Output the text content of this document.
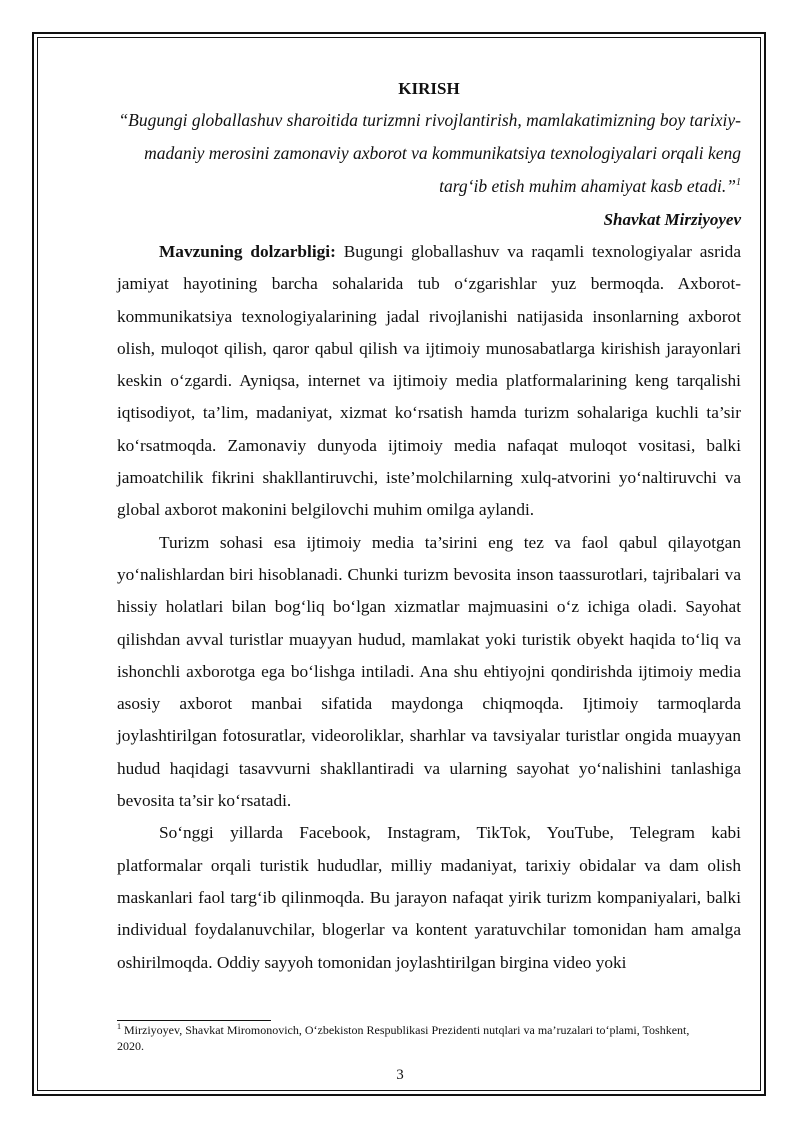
KIRISH

“Bugungi globallashuv sharoitida turizmni rivojlantirish, mamlakatimizning boy tarixiy-madaniy merosini zamonaviy axborot va kommunikatsiya texnologiyalari orqali keng targ‘ib etish muhim ahamiyat kasb etadi.”$^1$

Shavkat Mirziyoyev

Mavzuning dolzarbligi: Bugungi globallashuv va raqamli texnologiyalar asrida jamiyat hayotining barcha sohalarida tub o‘zgarishlar yuz bermoqda. Axborot-kommunikatsiya texnologiyalarining jadal rivojlanishi natijasida insonlarning axborot olish, muloqot qilish, qaror qabul qilish va ijtimoiy munosabatlarga kirishish jarayonlari keskin o‘zgardi. Ayniqsa, internet va ijtimoiy media platformalarining keng tarqalishi iqtisodiyot, ta’lim, madaniyat, xizmat ko‘rsatish hamda turizm sohalariga kuchli ta’sir ko‘rsatmoqda. Zamonaviy dunyoda ijtimoiy media nafaqat muloqot vositasi, balki jamoatchilik fikrini shakllantiruvchi, iste’molchilarning xulq-atvorini yo‘naltiruvchi va global axborot makonini belgilovchi muhim omilga aylandi.

Turizm sohasi esa ijtimoiy media ta’sirini eng tez va faol qabul qilayotgan yo‘nalishlardan biri hisoblanadi. Chunki turizm bevosita inson taassurotlari, tajribalari va hissiy holatlari bilan bog‘liq bo‘lgan xizmatlar majmuasini o‘z ichiga oladi. Sayohat qilishdan avval turistlar muayyan hudud, mamlakat yoki turistik obyekt haqida to‘liq va ishonchli axborotga ega bo‘lishga intiladi. Ana shu ehtiyojni qondirishda ijtimoiy media asosiy axborot manbai sifatida maydonga chiqmoqda. Ijtimoiy tarmoqlarda joylashtirilgan fotosuratlar, videoroliklar, sharhlar va tavsiyalar turistlar ongida muayyan hudud haqidagi tasavvurni shakllantiradi va ularning sayohat yo‘nalishini tanlashiga bevosita ta’sir ko‘rsatadi.

So‘nggi yillarda Facebook, Instagram, TikTok, YouTube, Telegram kabi platformalar orqali turistik hududlar, milliy madaniyat, tarixiy obidalar va dam olish maskanlari faol targ‘ib qilinmoqda. Bu jarayon nafaqat yirik turizm kompaniyalari, balki individual foydalanuvchilar, blogerlar va kontent yaratuvchilar tomonidan ham amalga oshirilmoqda. Oddiy sayyoh tomonidan joylashtirilgan birgina video yoki

$^1$ Mirziyoyev, Shavkat Miromonovich, O‘zbekiston Respublikasi Prezidenti nutqlari va ma’ruzalari to‘plami, Toshkent, 2020.

3
